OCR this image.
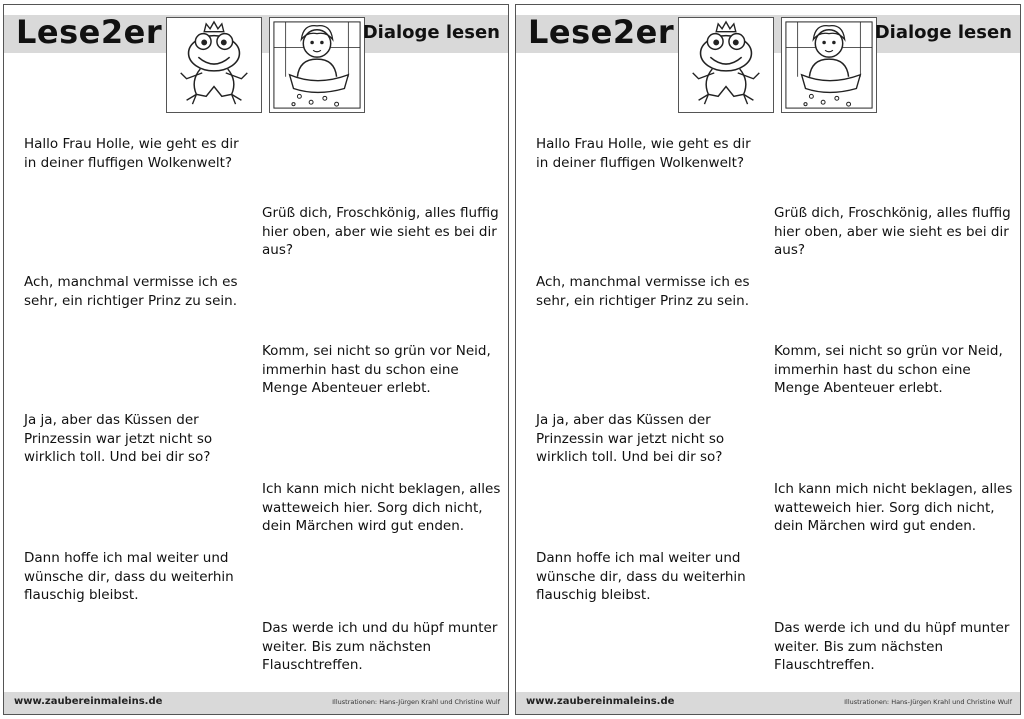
Lese2er	Dialoge lesen
Hallo Frau Holle, wie geht es dir in deiner fluffigen Wolkenwelt?
Grüß dich, Froschkönig, alles fluffig hier oben, aber wie sieht es bei dir aus?
Ach, manchmal vermisse ich es sehr, ein richtiger Prinz zu sein.
Komm, sei nicht so grün vor Neid, immerhin hast du schon eine Menge Abenteuer erlebt.
Ja ja, aber das Küssen der Prinzessin war jetzt nicht so wirklich toll. Und bei dir so?
Ich kann mich nicht beklagen, alles watteweich hier. Sorg dich nicht, dein Märchen wird gut enden.
Dann hoffe ich mal weiter und wünsche dir, dass du weiterhin flauschig bleibst.
Das werde ich und du hüpf munter weiter. Bis zum nächsten Flauschtreffen.
www.zaubereinmaleins.de	Illustrationen: Hans-Jürgen Krahl und Christine Wulf
Lese2er	Dialoge lesen
Hallo Frau Holle, wie geht es dir in deiner fluffigen Wolkenwelt?
Grüß dich, Froschkönig, alles fluffig hier oben, aber wie sieht es bei dir aus?
Ach, manchmal vermisse ich es sehr, ein richtiger Prinz zu sein.
Komm, sei nicht so grün vor Neid, immerhin hast du schon eine Menge Abenteuer erlebt.
Ja ja, aber das Küssen der Prinzessin war jetzt nicht so wirklich toll. Und bei dir so?
Ich kann mich nicht beklagen, alles watteweich hier. Sorg dich nicht, dein Märchen wird gut enden.
Dann hoffe ich mal weiter und wünsche dir, dass du weiterhin flauschig bleibst.
Das werde ich und du hüpf munter weiter. Bis zum nächsten Flauschtreffen.
www.zaubereinmaleins.de	Illustrationen: Hans-Jürgen Krahl und Christine Wulf
